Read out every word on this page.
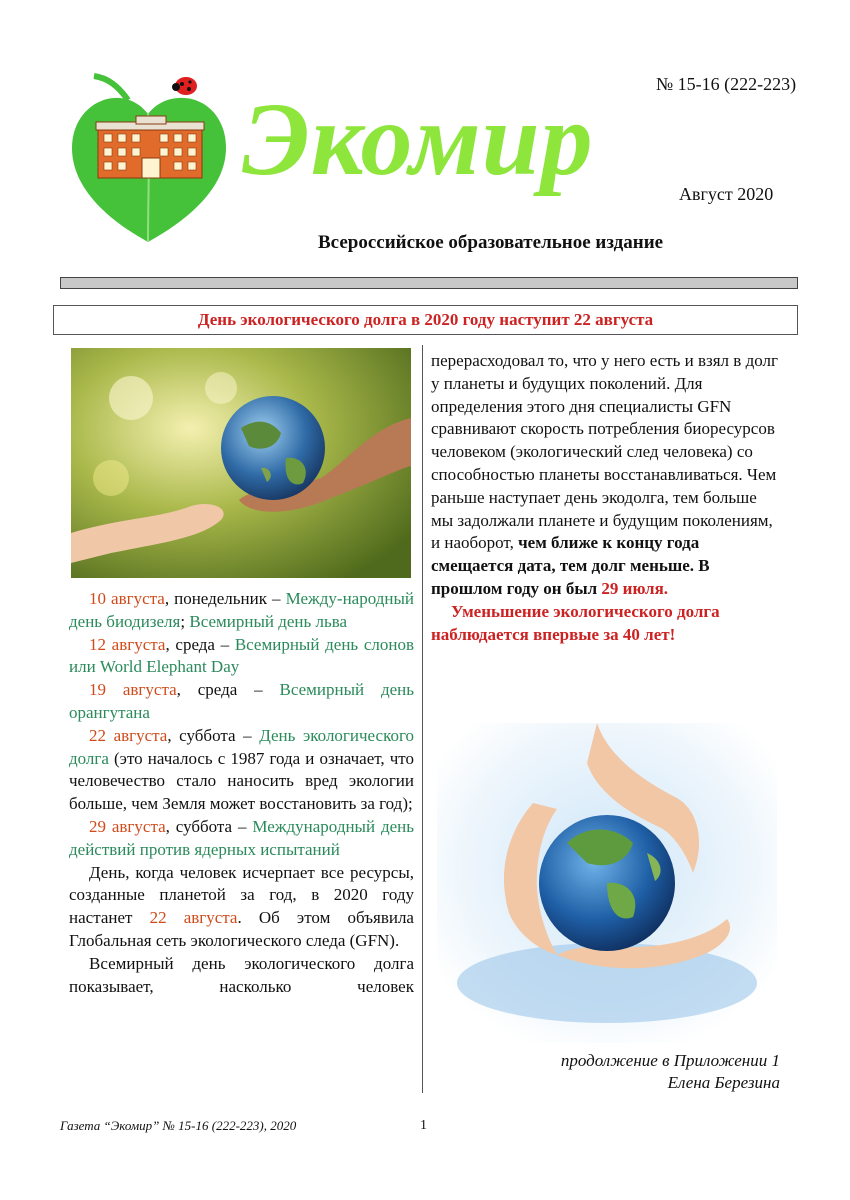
Экомир	№ 15-16 (222-223)
Август 2020
Всероссийское образовательное издание
День экологического долга в 2020 году наступит 22 августа

10 августа, понедельник – Между-народный день биодизеля; Всемирный день льва

12 августа, среда – Всемирный день слонов или World Elephant Day

19 августа, среда – Всемирный день орангутана

22 августа, суббота – День экологического долга (это началось с 1987 года и означает, что человечество стало наносить вред экологии больше, чем Земля может восстановить за год);

29 августа, суббота – Международный день действий против ядерных испытаний

День, когда человек исчерпает все ресурсы, созданные планетой за год, в 2020 году настанет 22 августа. Об этом объявила Глобальная сеть экологического следа (GFN).

Всемирный день экологического долга показывает, насколько человек

перерасходовал то, что у него есть и взял в долг у планеты и будущих поколений. Для определения этого дня специалисты GFN сравнивают скорость потребления биоресурсов человеком (экологический след человека) со способностью планеты восстанавливаться. Чем раньше наступает день экодолга, тем больше мы задолжали планете и будущим поколениям, и наоборот, чем ближе к концу года смещается дата, тем долг меньше. В прошлом году он был 29 июля.

Уменьшение экологического долга наблюдается впервые за 40 лет!

продолжение в Приложении 1
Елена Березина
Газета “Экомир” № 15-16 (222-223), 2020	1
